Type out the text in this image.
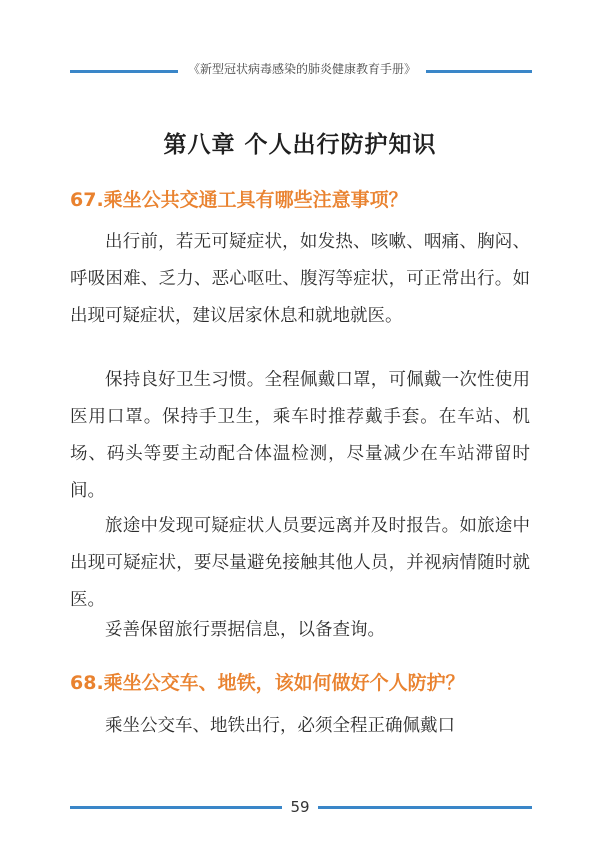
《新型冠状病毒感染的肺炎健康教育手册》
第八章 个人出行防护知识
67.乘坐公共交通工具有哪些注意事项？

出行前，若无可疑症状，如发热、咳嗽、咽痛、胸闷、呼吸困难、乏力、恶心呕吐、腹泻等症状，可正常出行。如出现可疑症状，建议居家休息和就地就医。

保持良好卫生习惯。全程佩戴口罩，可佩戴一次性使用医用口罩。保持手卫生，乘车时推荐戴手套。在车站、机场、码头等要主动配合体温检测，尽量减少在车站滞留时间。

旅途中发现可疑症状人员要远离并及时报告。如旅途中出现可疑症状，要尽量避免接触其他人员，并视病情随时就医。

妥善保留旅行票据信息，以备查询。

68.乘坐公交车、地铁，该如何做好个人防护？

乘坐公交车、地铁出行，必须全程正确佩戴口

59
